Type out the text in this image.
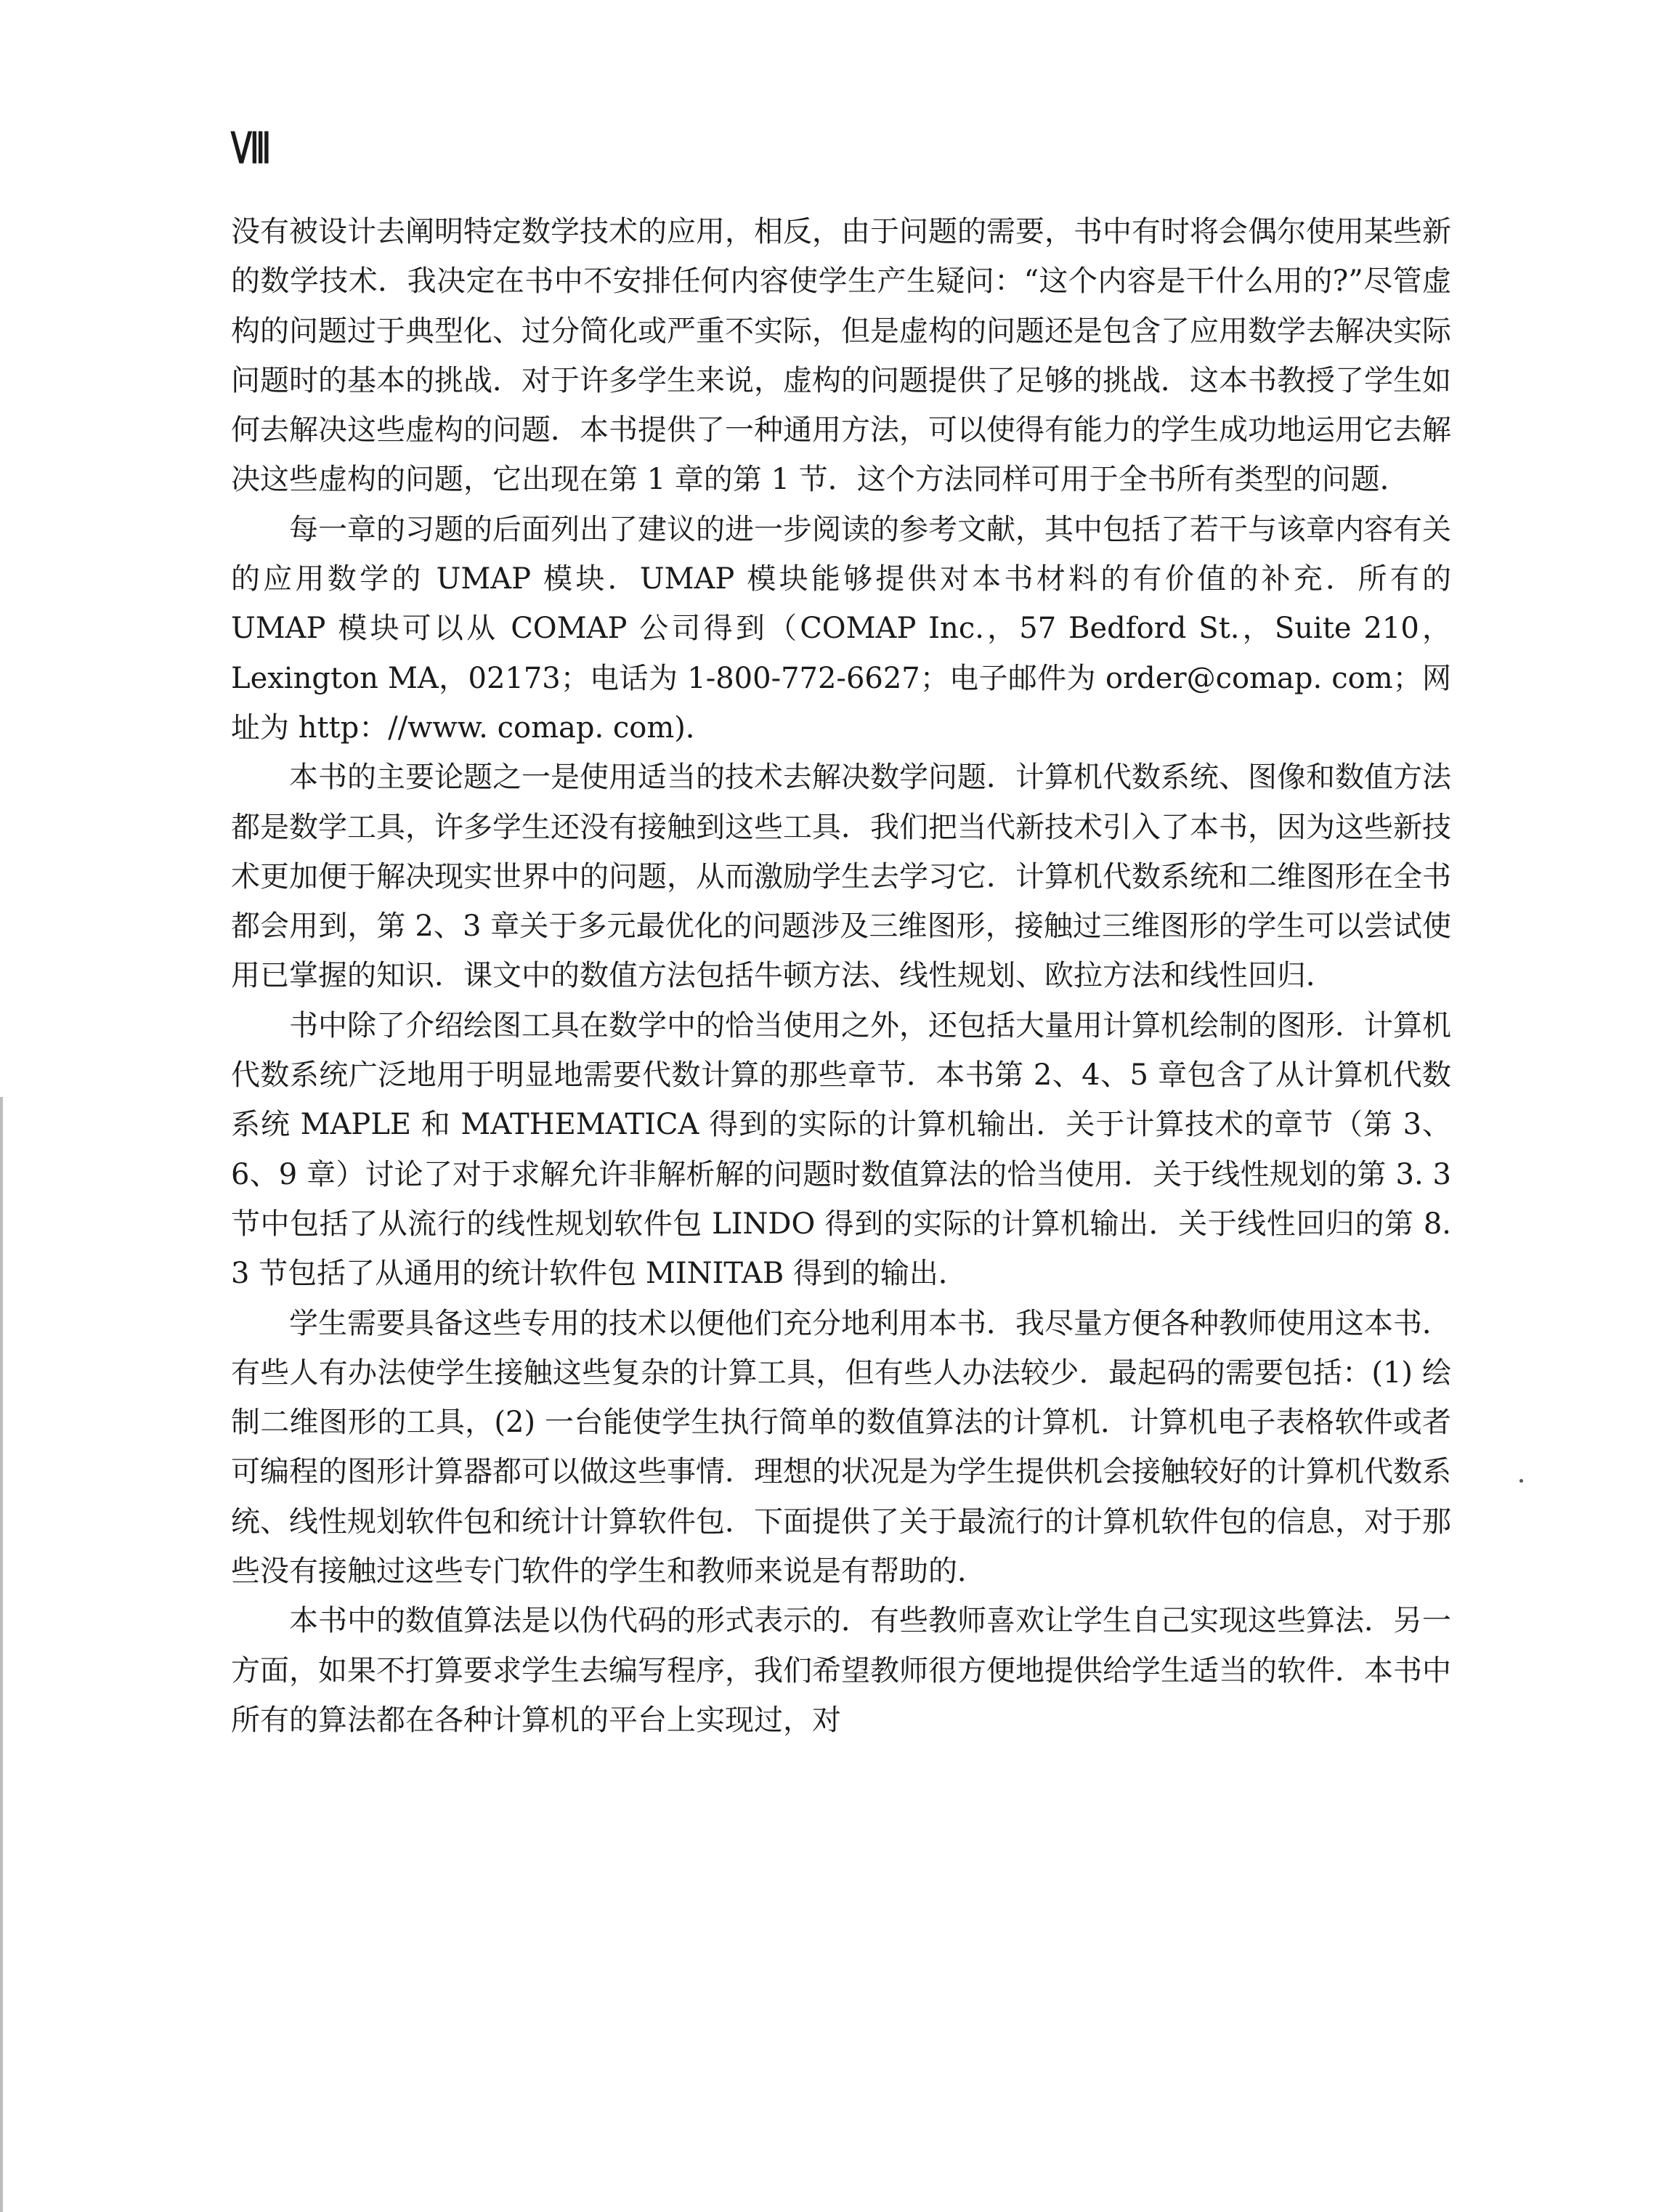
Ⅷ

没有被设计去阐明特定数学技术的应用，相反，由于问题的需要，书中有时将会偶尔使用某些新的数学技术．我决定在书中不安排任何内容使学生产生疑问：“这个内容是干什么用的?”尽管虚构的问题过于典型化、过分简化或严重不实际，但是虚构的问题还是包含了应用数学去解决实际问题时的基本的挑战．对于许多学生来说，虚构的问题提供了足够的挑战．这本书教授了学生如何去解决这些虚构的问题．本书提供了一种通用方法，可以使得有能力的学生成功地运用它去解决这些虚构的问题，它出现在第 1 章的第 1 节．这个方法同样可用于全书所有类型的问题．

每一章的习题的后面列出了建议的进一步阅读的参考文献，其中包括了若干与该章内容有关的应用数学的 UMAP 模块．UMAP 模块能够提供对本书材料的有价值的补充．所有的 UMAP 模块可以从 COMAP 公司得到（COMAP Inc.，57 Bedford St.，Suite 210，Lexington MA，02173；电话为 1-800-772-6627；电子邮件为 order@comap. com；网址为 http：//www. comap. com)．

本书的主要论题之一是使用适当的技术去解决数学问题．计算机代数系统、图像和数值方法都是数学工具，许多学生还没有接触到这些工具．我们把当代新技术引入了本书，因为这些新技术更加便于解决现实世界中的问题，从而激励学生去学习它．计算机代数系统和二维图形在全书都会用到，第 2、3 章关于多元最优化的问题涉及三维图形，接触过三维图形的学生可以尝试使用已掌握的知识．课文中的数值方法包括牛顿方法、线性规划、欧拉方法和线性回归．

书中除了介绍绘图工具在数学中的恰当使用之外，还包括大量用计算机绘制的图形．计算机代数系统广泛地用于明显地需要代数计算的那些章节．本书第 2、4、5 章包含了从计算机代数系统 MAPLE 和 MATHEMATICA 得到的实际的计算机输出．关于计算技术的章节（第 3、6、9 章）讨论了对于求解允许非解析解的问题时数值算法的恰当使用．关于线性规划的第 3. 3 节中包括了从流行的线性规划软件包 LINDO 得到的实际的计算机输出．关于线性回归的第 8. 3 节包括了从通用的统计软件包 MINITAB 得到的输出．

学生需要具备这些专用的技术以便他们充分地利用本书．我尽量方便各种教师使用这本书．有些人有办法使学生接触这些复杂的计算工具，但有些人办法较少．最起码的需要包括：(1) 绘制二维图形的工具，(2) 一台能使学生执行简单的数值算法的计算机．计算机电子表格软件或者可编程的图形计算器都可以做这些事情．理想的状况是为学生提供机会接触较好的计算机代数系统、线性规划软件包和统计计算软件包．下面提供了关于最流行的计算机软件包的信息，对于那些没有接触过这些专门软件的学生和教师来说是有帮助的．

本书中的数值算法是以伪代码的形式表示的．有些教师喜欢让学生自己实现这些算法．另一方面，如果不打算要求学生去编写程序，我们希望教师很方便地提供给学生适当的软件．本书中所有的算法都在各种计算机的平台上实现过，对
